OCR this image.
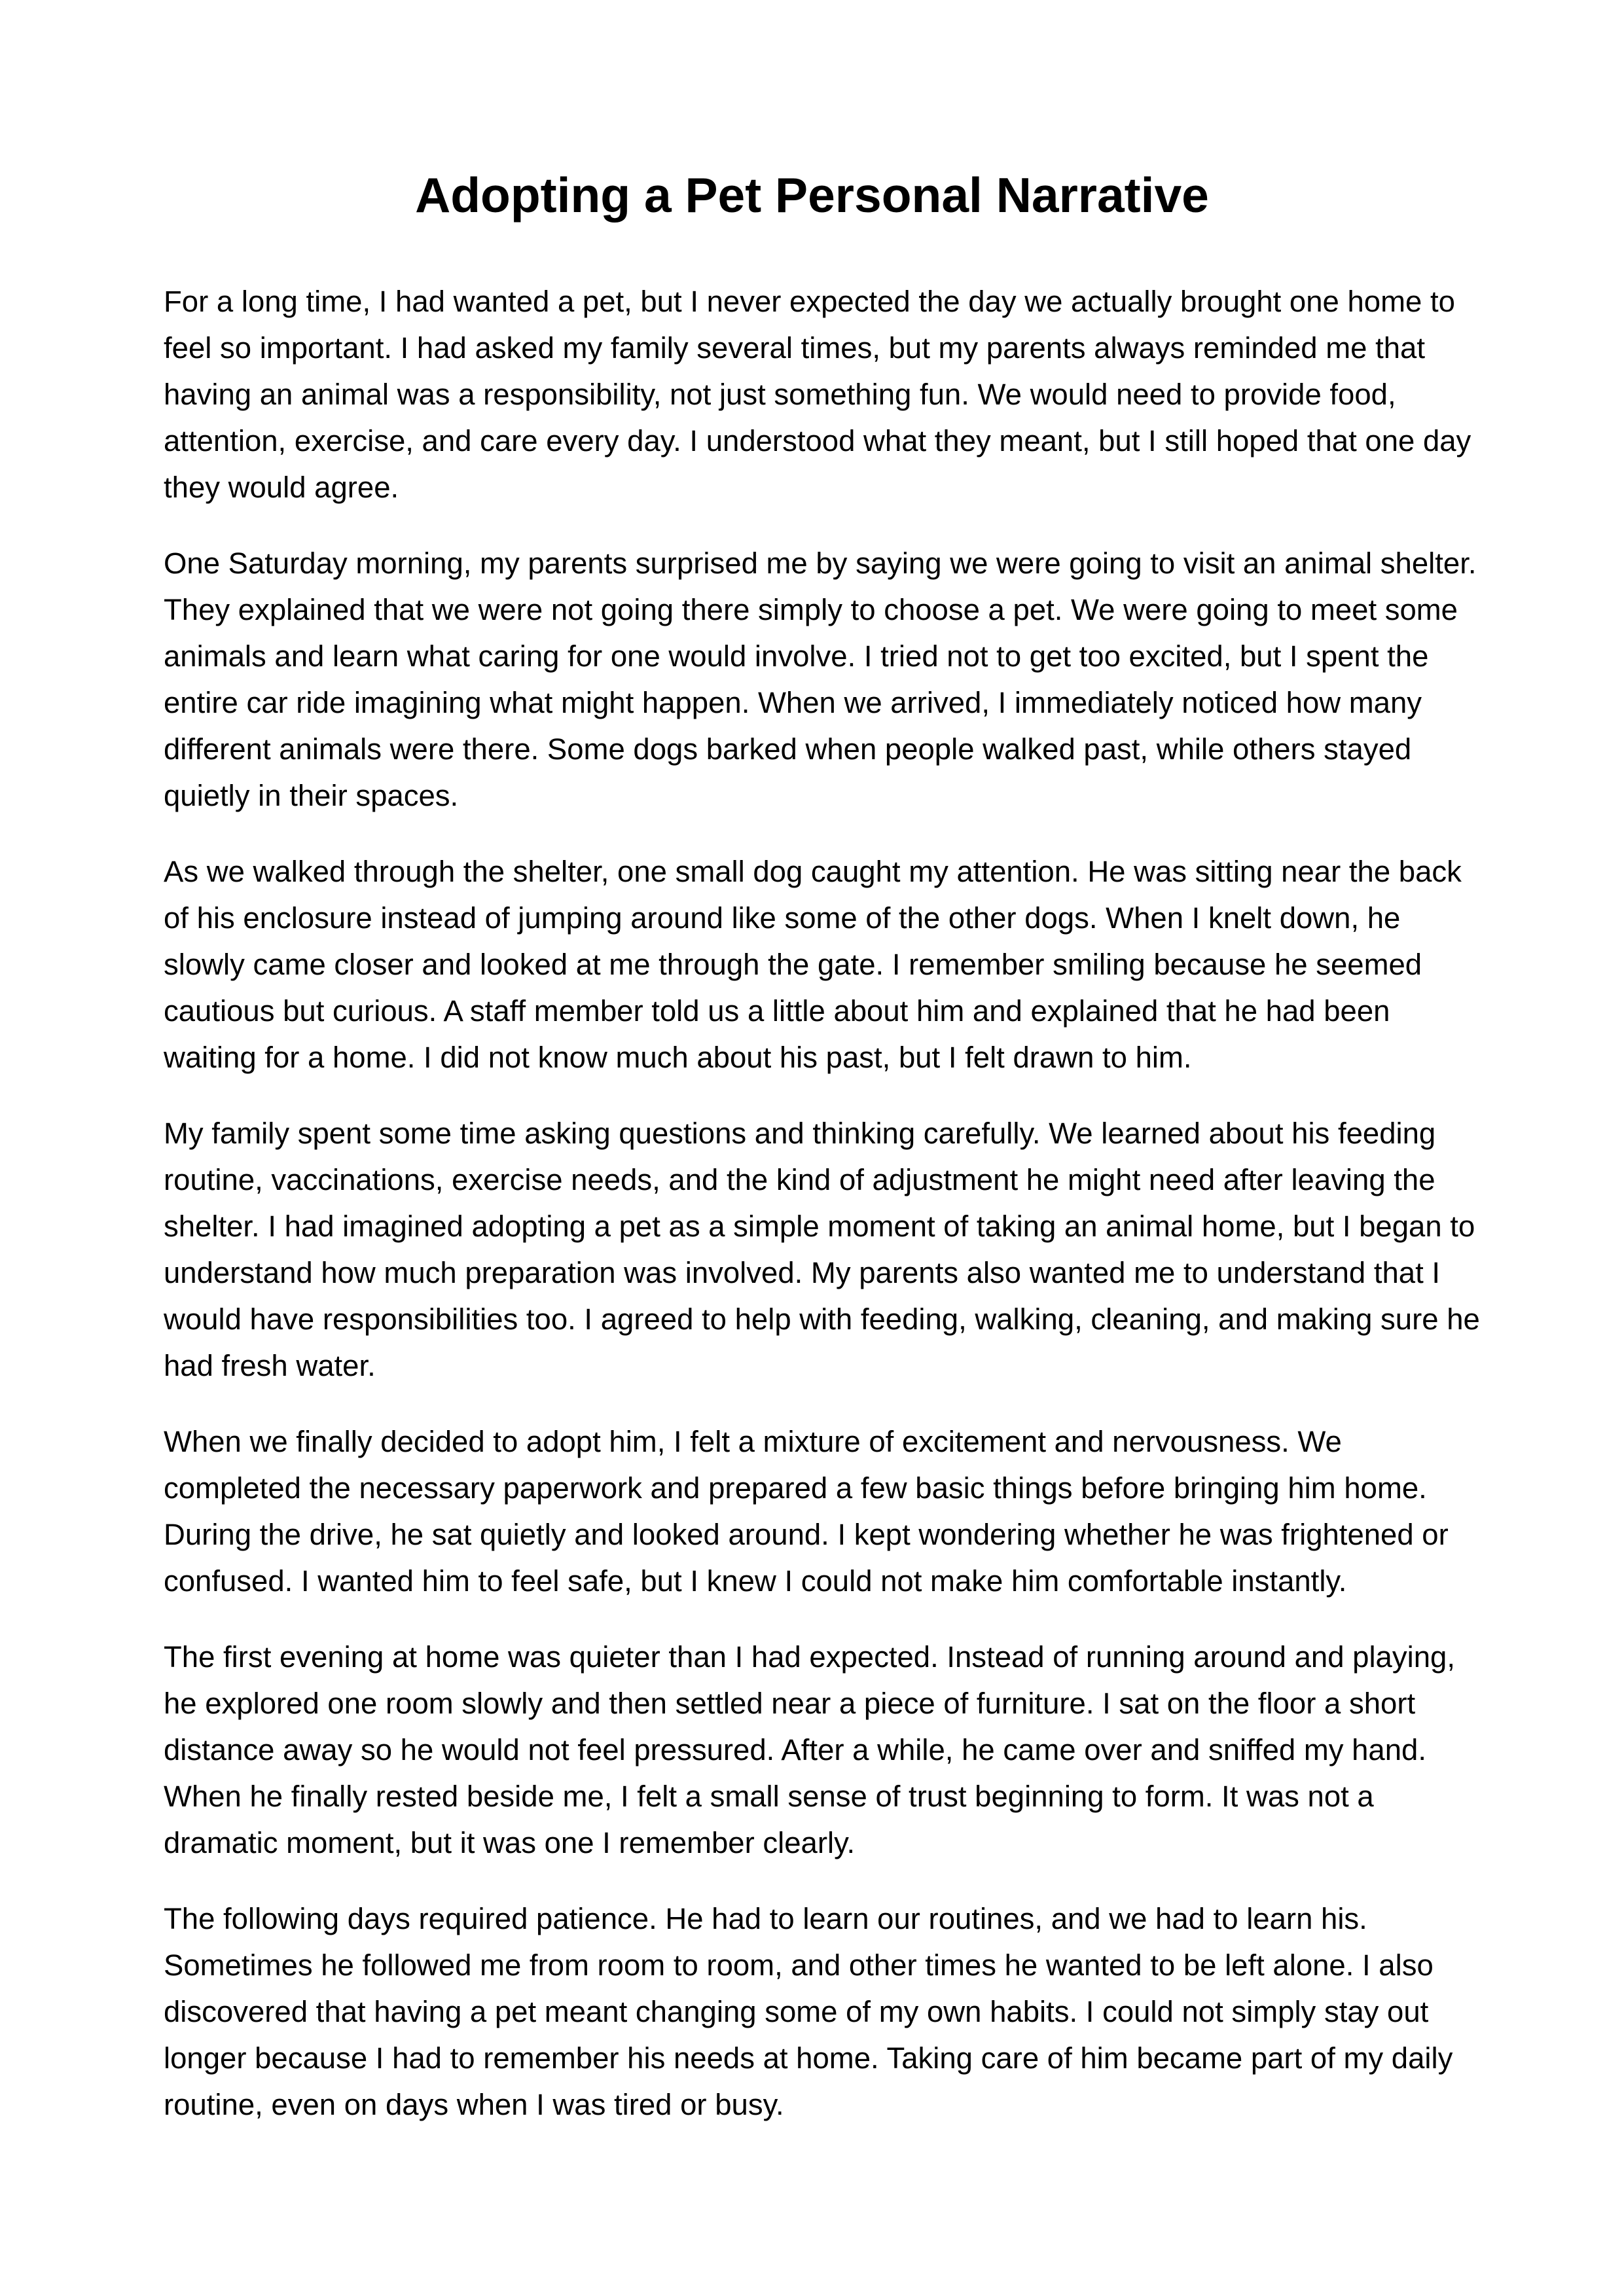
Adopting a Pet Personal Narrative

For a long time, I had wanted a pet, but I never expected the day we actually brought one home to feel so important. I had asked my family several times, but my parents always reminded me that having an animal was a responsibility, not just something fun. We would need to provide food, attention, exercise, and care every day. I understood what they meant, but I still hoped that one day they would agree.

One Saturday morning, my parents surprised me by saying we were going to visit an animal shelter. They explained that we were not going there simply to choose a pet. We were going to meet some animals and learn what caring for one would involve. I tried not to get too excited, but I spent the entire car ride imagining what might happen. When we arrived, I immediately noticed how many different animals were there. Some dogs barked when people walked past, while others stayed quietly in their spaces.

As we walked through the shelter, one small dog caught my attention. He was sitting near the back of his enclosure instead of jumping around like some of the other dogs. When I knelt down, he slowly came closer and looked at me through the gate. I remember smiling because he seemed cautious but curious. A staff member told us a little about him and explained that he had been waiting for a home. I did not know much about his past, but I felt drawn to him.

My family spent some time asking questions and thinking carefully. We learned about his feeding routine, vaccinations, exercise needs, and the kind of adjustment he might need after leaving the shelter. I had imagined adopting a pet as a simple moment of taking an animal home, but I began to understand how much preparation was involved. My parents also wanted me to understand that I would have responsibilities too. I agreed to help with feeding, walking, cleaning, and making sure he had fresh water.

When we finally decided to adopt him, I felt a mixture of excitement and nervousness. We completed the necessary paperwork and prepared a few basic things before bringing him home. During the drive, he sat quietly and looked around. I kept wondering whether he was frightened or confused. I wanted him to feel safe, but I knew I could not make him comfortable instantly.

The first evening at home was quieter than I had expected. Instead of running around and playing, he explored one room slowly and then settled near a piece of furniture. I sat on the floor a short distance away so he would not feel pressured. After a while, he came over and sniffed my hand. When he finally rested beside me, I felt a small sense of trust beginning to form. It was not a dramatic moment, but it was one I remember clearly.

The following days required patience. He had to learn our routines, and we had to learn his. Sometimes he followed me from room to room, and other times he wanted to be left alone. I also discovered that having a pet meant changing some of my own habits. I could not simply stay out longer because I had to remember his needs at home. Taking care of him became part of my daily routine, even on days when I was tired or busy.
